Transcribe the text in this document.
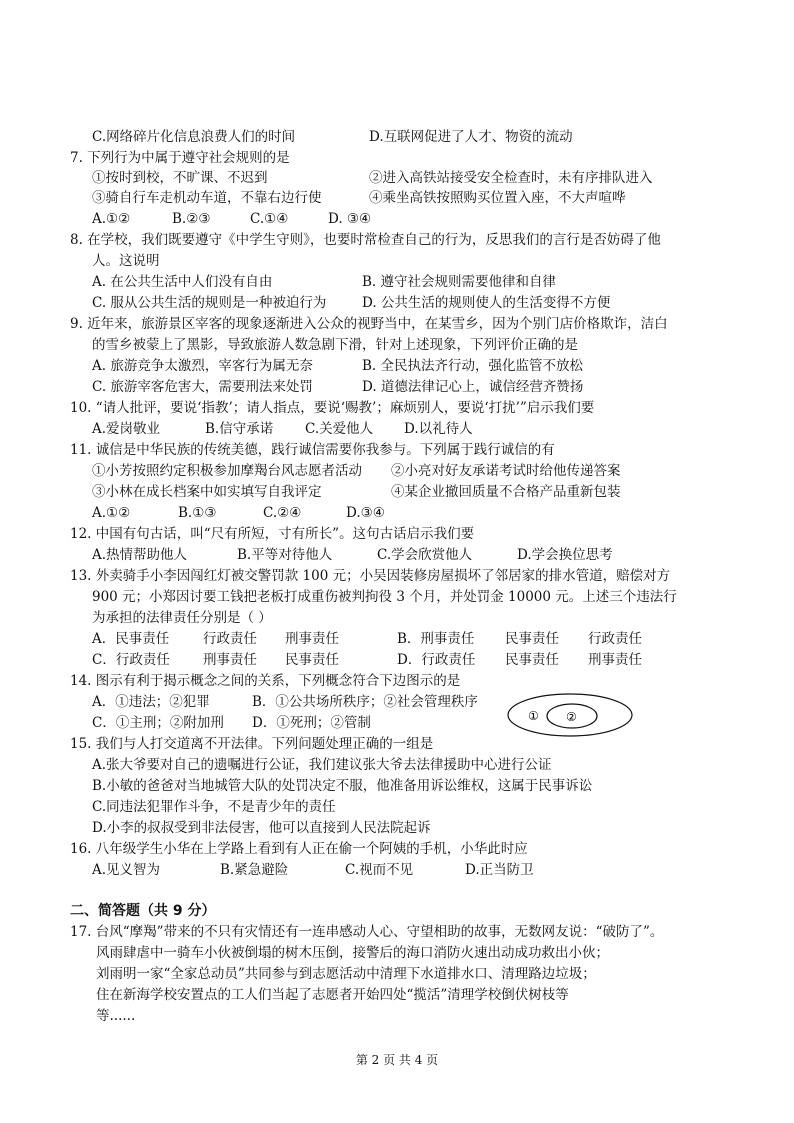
C.网络碎片化信息浪费人们的时间	D.互联网促进了人才、物资的流动
7. 下列行为中属于遵守社会规则的是
①按时到校，不旷课、不迟到	②进入高铁站接受安全检查时，未有序排队进入
③骑自行车走机动车道，不靠右边行使	④乘坐高铁按照购买位置入座，不大声喧哗
A.①②	B.②③	C.①④	D. ③④
8. 在学校，我们既要遵守《中学生守则》，也要时常检查自己的行为，反思我们的言行是否妨碍了他
人。这说明
A. 在公共生活中人们没有自由	B. 遵守社会规则需要他律和自律
C. 服从公共生活的规则是一种被迫行为	D. 公共生活的规则使人的生活变得不方便
9. 近年来，旅游景区宰客的现象逐渐进入公众的视野当中，在某雪乡，因为个别门店价格欺诈，洁白
的雪乡被蒙上了黑影，导致旅游人数急剧下滑，针对上述现象，下列评价正确的是
A. 旅游竞争太激烈，宰客行为属无奈	B. 全民执法齐行动，强化监管不放松
C. 旅游宰客危害大，需要刑法来处罚	D. 道德法律记心上，诚信经营齐赞扬
10. “请人批评，要说‘指教’；请人指点，要说‘赐教’；麻烦别人，要说‘打扰’”启示我们要
A.爱岗敬业	B.信守承诺 C.关爱他人 D.以礼待人
11. 诚信是中华民族的传统美德，践行诚信需要你我参与。下列属于践行诚信的有
①小芳按照约定积极参加摩羯台风志愿者活动 ②小亮对好友承诺考试时给他传递答案
③小林在成长档案中如实填写自我评定	④某企业撤回质量不合格产品重新包装
A.①②	B.①③	C.②④	D.③④
12. 中国有句古话，叫“尺有所短，寸有所长”。这句古话启示我们要
A.热情帮助他人	B.平等对待他人	C.学会欣赏他人	D.学会换位思考
13. 外卖骑手小李因闯红灯被交警罚款 100 元；小吴因装修房屋损坏了邻居家的排水管道，赔偿对方
900 元；小郑因讨要工钱把老板打成重伤被判拘役 3 个月，并处罚金 10000 元。上述三个违法行
为承担的法律责任分别是（ ）
A．民事责任	行政责任 刑事责任	B．刑事责任 民事责任 行政责任
C．行政责任 刑事责任 民事责任	D．行政责任 民事责任 刑事责任
14. 图示有利于揭示概念之间的关系，下列概念符合下边图示的是
A．①违法；②犯罪	B．①公共场所秩序；②社会管理秩序
C．①主刑；②附加刑 D．①死刑；②管制	① ②
15. 我们与人打交道离不开法律。下列问题处理正确的一组是
A.张大爷要对自己的遗嘱进行公证，我们建议张大爷去法律援助中心进行公证
B.小敏的爸爸对当地城管大队的处罚决定不服，他准备用诉讼维权，这属于民事诉讼
C.同违法犯罪作斗争，不是青少年的责任
D.小李的叔叔受到非法侵害，他可以直接到人民法院起诉
16. 八年级学生小华在上学路上看到有人正在偷一个阿姨的手机，小华此时应
A.见义智为	B.紧急避险	C.视而不见	D.正当防卫
二、简答题（共 9 分）
17. 台风“摩羯”带来的不只有灾情还有一连串感动人心、守望相助的故事，无数网友说：“破防了”。
风雨肆虐中一骑车小伙被倒塌的树木压倒，接警后的海口消防火速出动成功救出小伙；
刘雨明一家“全家总动员”共同参与到志愿活动中清理下水道排水口、清理路边垃圾；
住在新海学校安置点的工人们当起了志愿者开始四处“揽活”清理学校倒伏树枝等
等......
第 2 页 共 4 页
